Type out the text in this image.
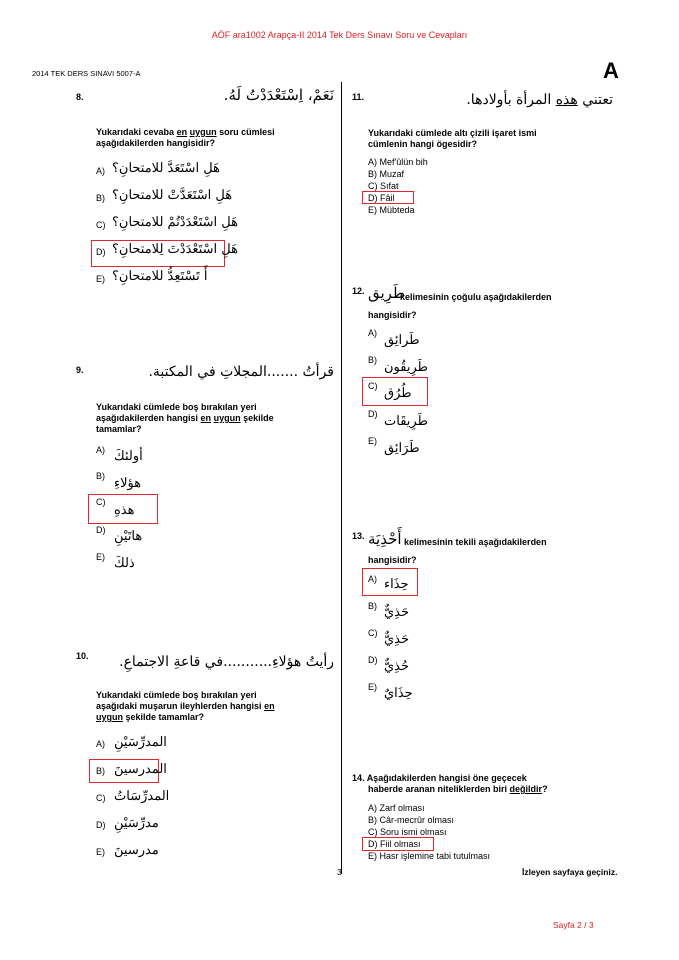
AÖF ara1002 Arapça-II 2014 Tek Ders Sınavı Soru ve Cevapları
2014 TEK DERS SINAVI 5007-A	A
8.	نَعَمْ، اِسْتَعْدَدْتُ لَهُ.
Yukarıdaki cevaba en uygun soru cümlesi
aşağıdakilerden hangisidir?
A) هَلِ اسْتَعَدَّ للامتحانِ؟
B) هَلِ اسْتَعَدَّتْ للامتحانِ؟
C) هَلِ اسْتَعْدَدْتُمْ للامتحانِ؟
D) هَلِ اسْتَعْدَدْتَ لِلامتحانِ؟
E) أَ تَسْتَعِدُّ للامتحانِ؟
9.	قرأتُ .......المجلاتِ في المكتبة.
Yukarıdaki cümlede boş bırakılan yeri
aşağıdakilerden hangisi en uygun şekilde
tamamlar?
A) أولئكَ
B) هؤلاءِ
C)
هذهِ
D) هاتَيْنِ
E) ذلكَ
10. رأيتُ هؤلاءِ...........في قاعةِ الاجتماعِ.
Yukarıdaki cümlede boş bırakılan yeri
aşağıdaki muşarun ileyhlerden hangisi en
uygun şekilde tamamlar?
A) المدرِّسَيْنِ
B) المدرسينَ
C) المدرِّسَاتُ
D) مدرِّسَيْنِ
E) مدرسينَ
11.	تعتني هذه المرأة بأولادها.
Yukarıdaki cümlede altı çizili işaret ismi
cümlenin hangi ögesidir?
A) Mef'ûlün bih
B) Muzaf
C) Sıfat
D) Fâil
E) Mübteda
12. طَرِيق
kelimesinin çoğulu aşağıdakilerden
hangisidir?
A) طَرائِق
B) طَرِيقُون
C) طُرُق
D) طَرِيقَات
E) طَرَائِق
13. أَحْذِيَة kelimesinin tekili aşağıdakilerden
hangisidir?
A) حِذَاء
B) حَذِيٌّ
C) حَذِيٌّ
D) حُذِيٌّ
E) حِذَايٌ
14. Aşağıdakilerden hangisi öne geçecek
haberde aranan niteliklerden biri değildir?
A) Zarf olması
B) Câr-mecrûr olması
C) Soru ismi olması
D) Fiil olması
E) Hasr işlemine tabi tutulması
3	İzleyen sayfaya geçiniz.
Sayfa 2 / 3
